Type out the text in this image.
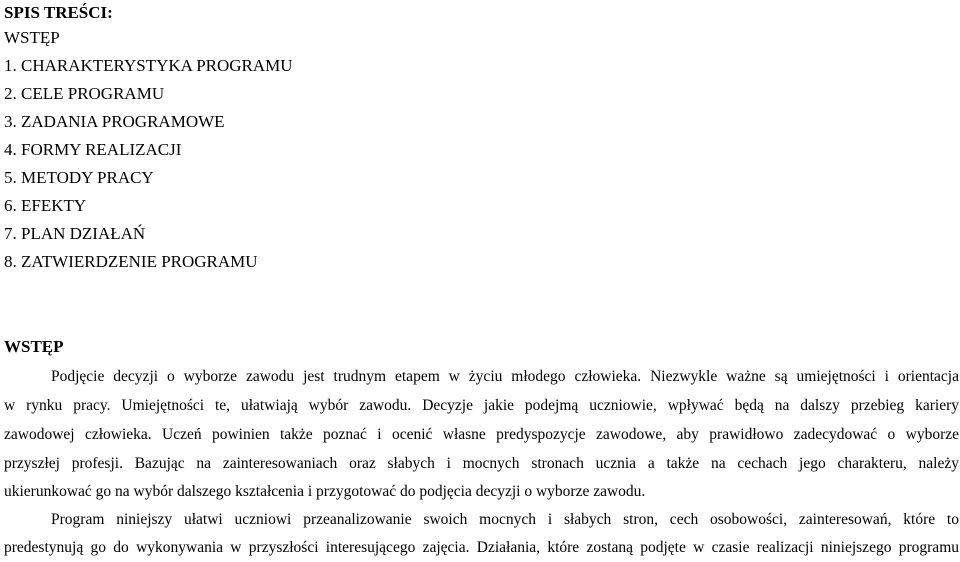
SPIS TREŚCI:
WSTĘP
1. CHARAKTERYSTYKA PROGRAMU
2. CELE PROGRAMU
3. ZADANIA PROGRAMOWE
4. FORMY REALIZACJI
5. METODY PRACY
6. EFEKTY
7. PLAN DZIAŁAŃ
8. ZATWIERDZENIE PROGRAMU
WSTĘP
Podjęcie decyzji o wyborze zawodu jest trudnym etapem w życiu młodego człowieka. Niezwykle ważne są umiejętności i orientacja
w rynku pracy. Umiejętności te, ułatwiają wybór zawodu. Decyzje jakie podejmą uczniowie, wpływać będą na dalszy przebieg kariery
zawodowej człowieka. Uczeń powinien także poznać i ocenić własne predyspozycje zawodowe, aby prawidłowo zadecydować o wyborze
przyszłej profesji. Bazując na zainteresowaniach oraz słabych i mocnych stronach ucznia a także na cechach jego charakteru, należy
ukierunkować go na wybór dalszego kształcenia i przygotować do podjęcia decyzji o wyborze zawodu.
Program niniejszy ułatwi uczniowi przeanalizowanie swoich mocnych i słabych stron, cech osobowości, zainteresowań, które to
predestynują go do wykonywania w przyszłości interesującego zajęcia. Działania, które zostaną podjęte w czasie realizacji niniejszego programu
